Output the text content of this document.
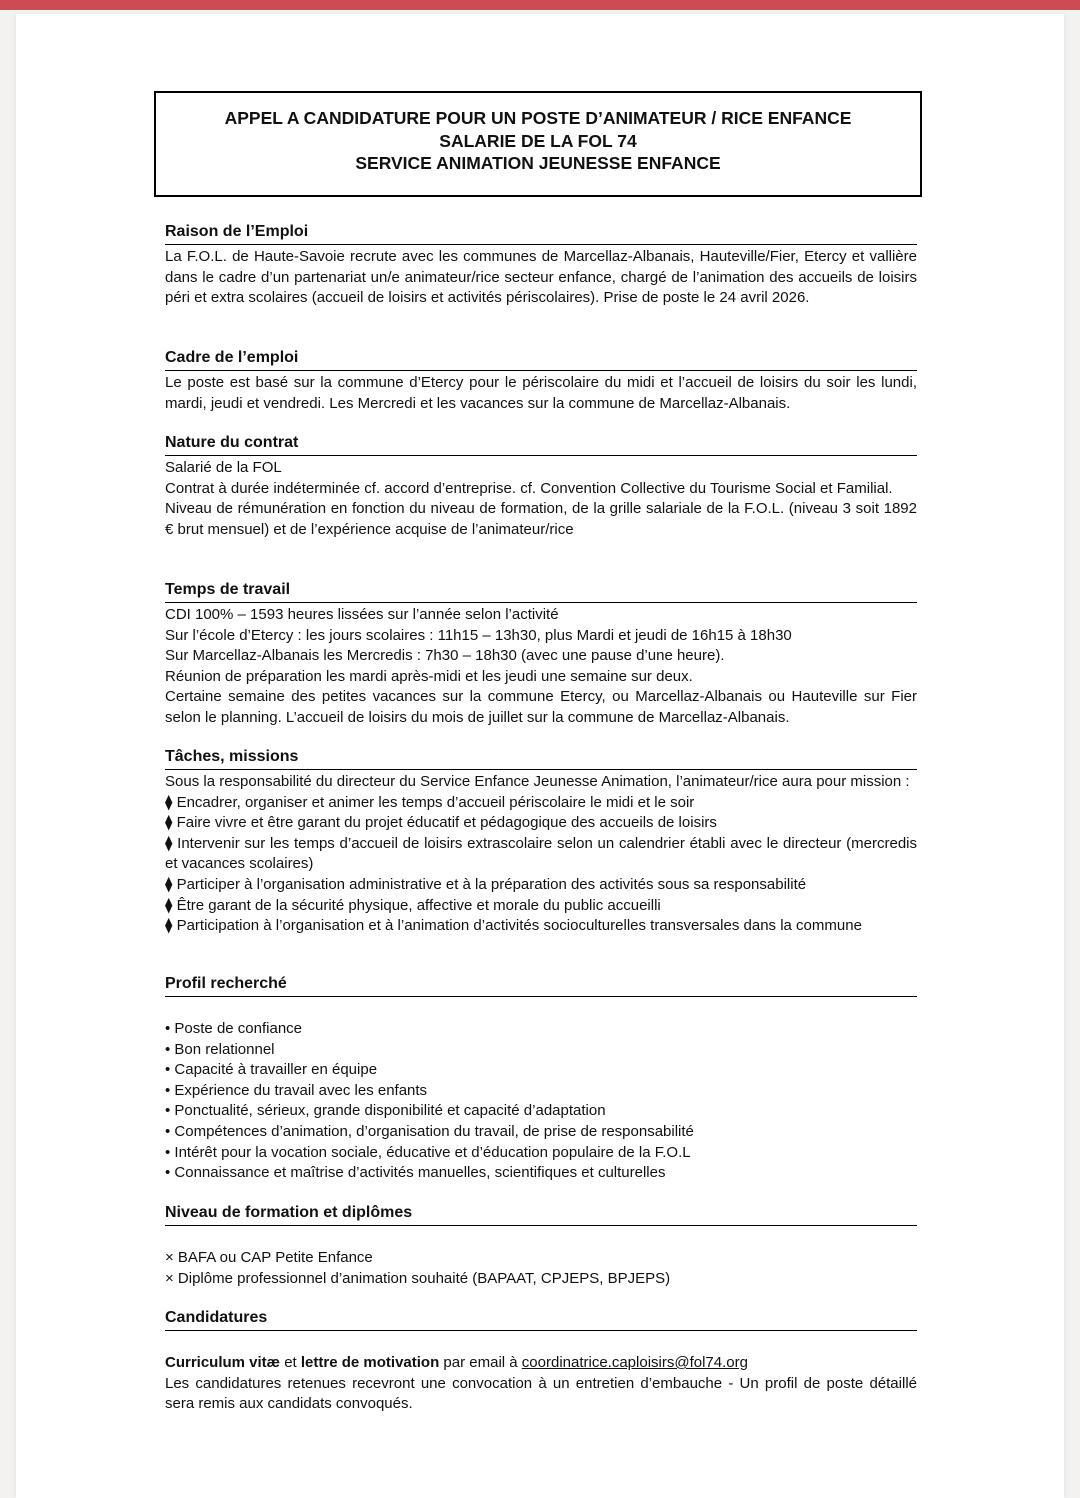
APPEL A CANDIDATURE POUR UN POSTE D’ANIMATEUR / RICE ENFANCE
SALARIE DE LA FOL 74
SERVICE ANIMATION JEUNESSE ENFANCE
Raison de l’Emploi

La F.O.L. de Haute-Savoie recrute avec les communes de Marcellaz-Albanais, Hauteville/Fier, Etercy et vallière dans le cadre d’un partenariat un/e animateur/rice secteur enfance, chargé de l’animation des accueils de loisirs péri et extra scolaires (accueil de loisirs et activités périscolaires). Prise de poste le 24 avril 2026.

Cadre de l’emploi

Le poste est basé sur la commune d’Etercy pour le périscolaire du midi et l’accueil de loisirs du soir les lundi, mardi, jeudi et vendredi. Les Mercredi et les vacances sur la commune de Marcellaz-Albanais.

Nature du contrat

Salarié de la FOL

Contrat à durée indéterminée cf. accord d’entreprise. cf. Convention Collective du Tourisme Social et Familial.

Niveau de rémunération en fonction du niveau de formation, de la grille salariale de la F.O.L. (niveau 3 soit 1892 € brut mensuel) et de l’expérience acquise de l’animateur/rice

Temps de travail

CDI 100% – 1593 heures lissées sur l’année selon l’activité

Sur l’école d’Etercy : les jours scolaires : 11h15 – 13h30, plus Mardi et jeudi de 16h15 à 18h30

Sur Marcellaz-Albanais les Mercredis : 7h30 – 18h30 (avec une pause d’une heure).

Réunion de préparation les mardi après-midi et les jeudi une semaine sur deux.

Certaine semaine des petites vacances sur la commune Etercy, ou Marcellaz-Albanais ou Hauteville sur Fier selon le planning. L’accueil de loisirs du mois de juillet sur la commune de Marcellaz-Albanais.

Tâches, missions

Sous la responsabilité du directeur du Service Enfance Jeunesse Animation, l’animateur/rice aura pour mission :

⧫ Encadrer, organiser et animer les temps d’accueil périscolaire le midi et le soir

⧫ Faire vivre et être garant du projet éducatif et pédagogique des accueils de loisirs

⧫ Intervenir sur les temps d’accueil de loisirs extrascolaire selon un calendrier établi avec le directeur (mercredis et vacances scolaires)

⧫ Participer à l’organisation administrative et à la préparation des activités sous sa responsabilité

⧫ Être garant de la sécurité physique, affective et morale du public accueilli

⧫ Participation à l’organisation et à l’animation d’activités socioculturelles transversales dans la commune

Profil recherché

• Poste de confiance

• Bon relationnel

• Capacité à travailler en équipe

• Expérience du travail avec les enfants

• Ponctualité, sérieux, grande disponibilité et capacité d’adaptation

• Compétences d’animation, d’organisation du travail, de prise de responsabilité

• Intérêt pour la vocation sociale, éducative et d’éducation populaire de la F.O.L

• Connaissance et maîtrise d’activités manuelles, scientifiques et culturelles

Niveau de formation et diplômes

× BAFA ou CAP Petite Enfance

× Diplôme professionnel d’animation souhaité (BAPAAT, CPJEPS, BPJEPS)

Candidatures

Curriculum vitæ et lettre de motivation par email à coordinatrice.caploisirs@fol74.org

Les candidatures retenues recevront une convocation à un entretien d’embauche - Un profil de poste détaillé sera remis aux candidats convoqués.
